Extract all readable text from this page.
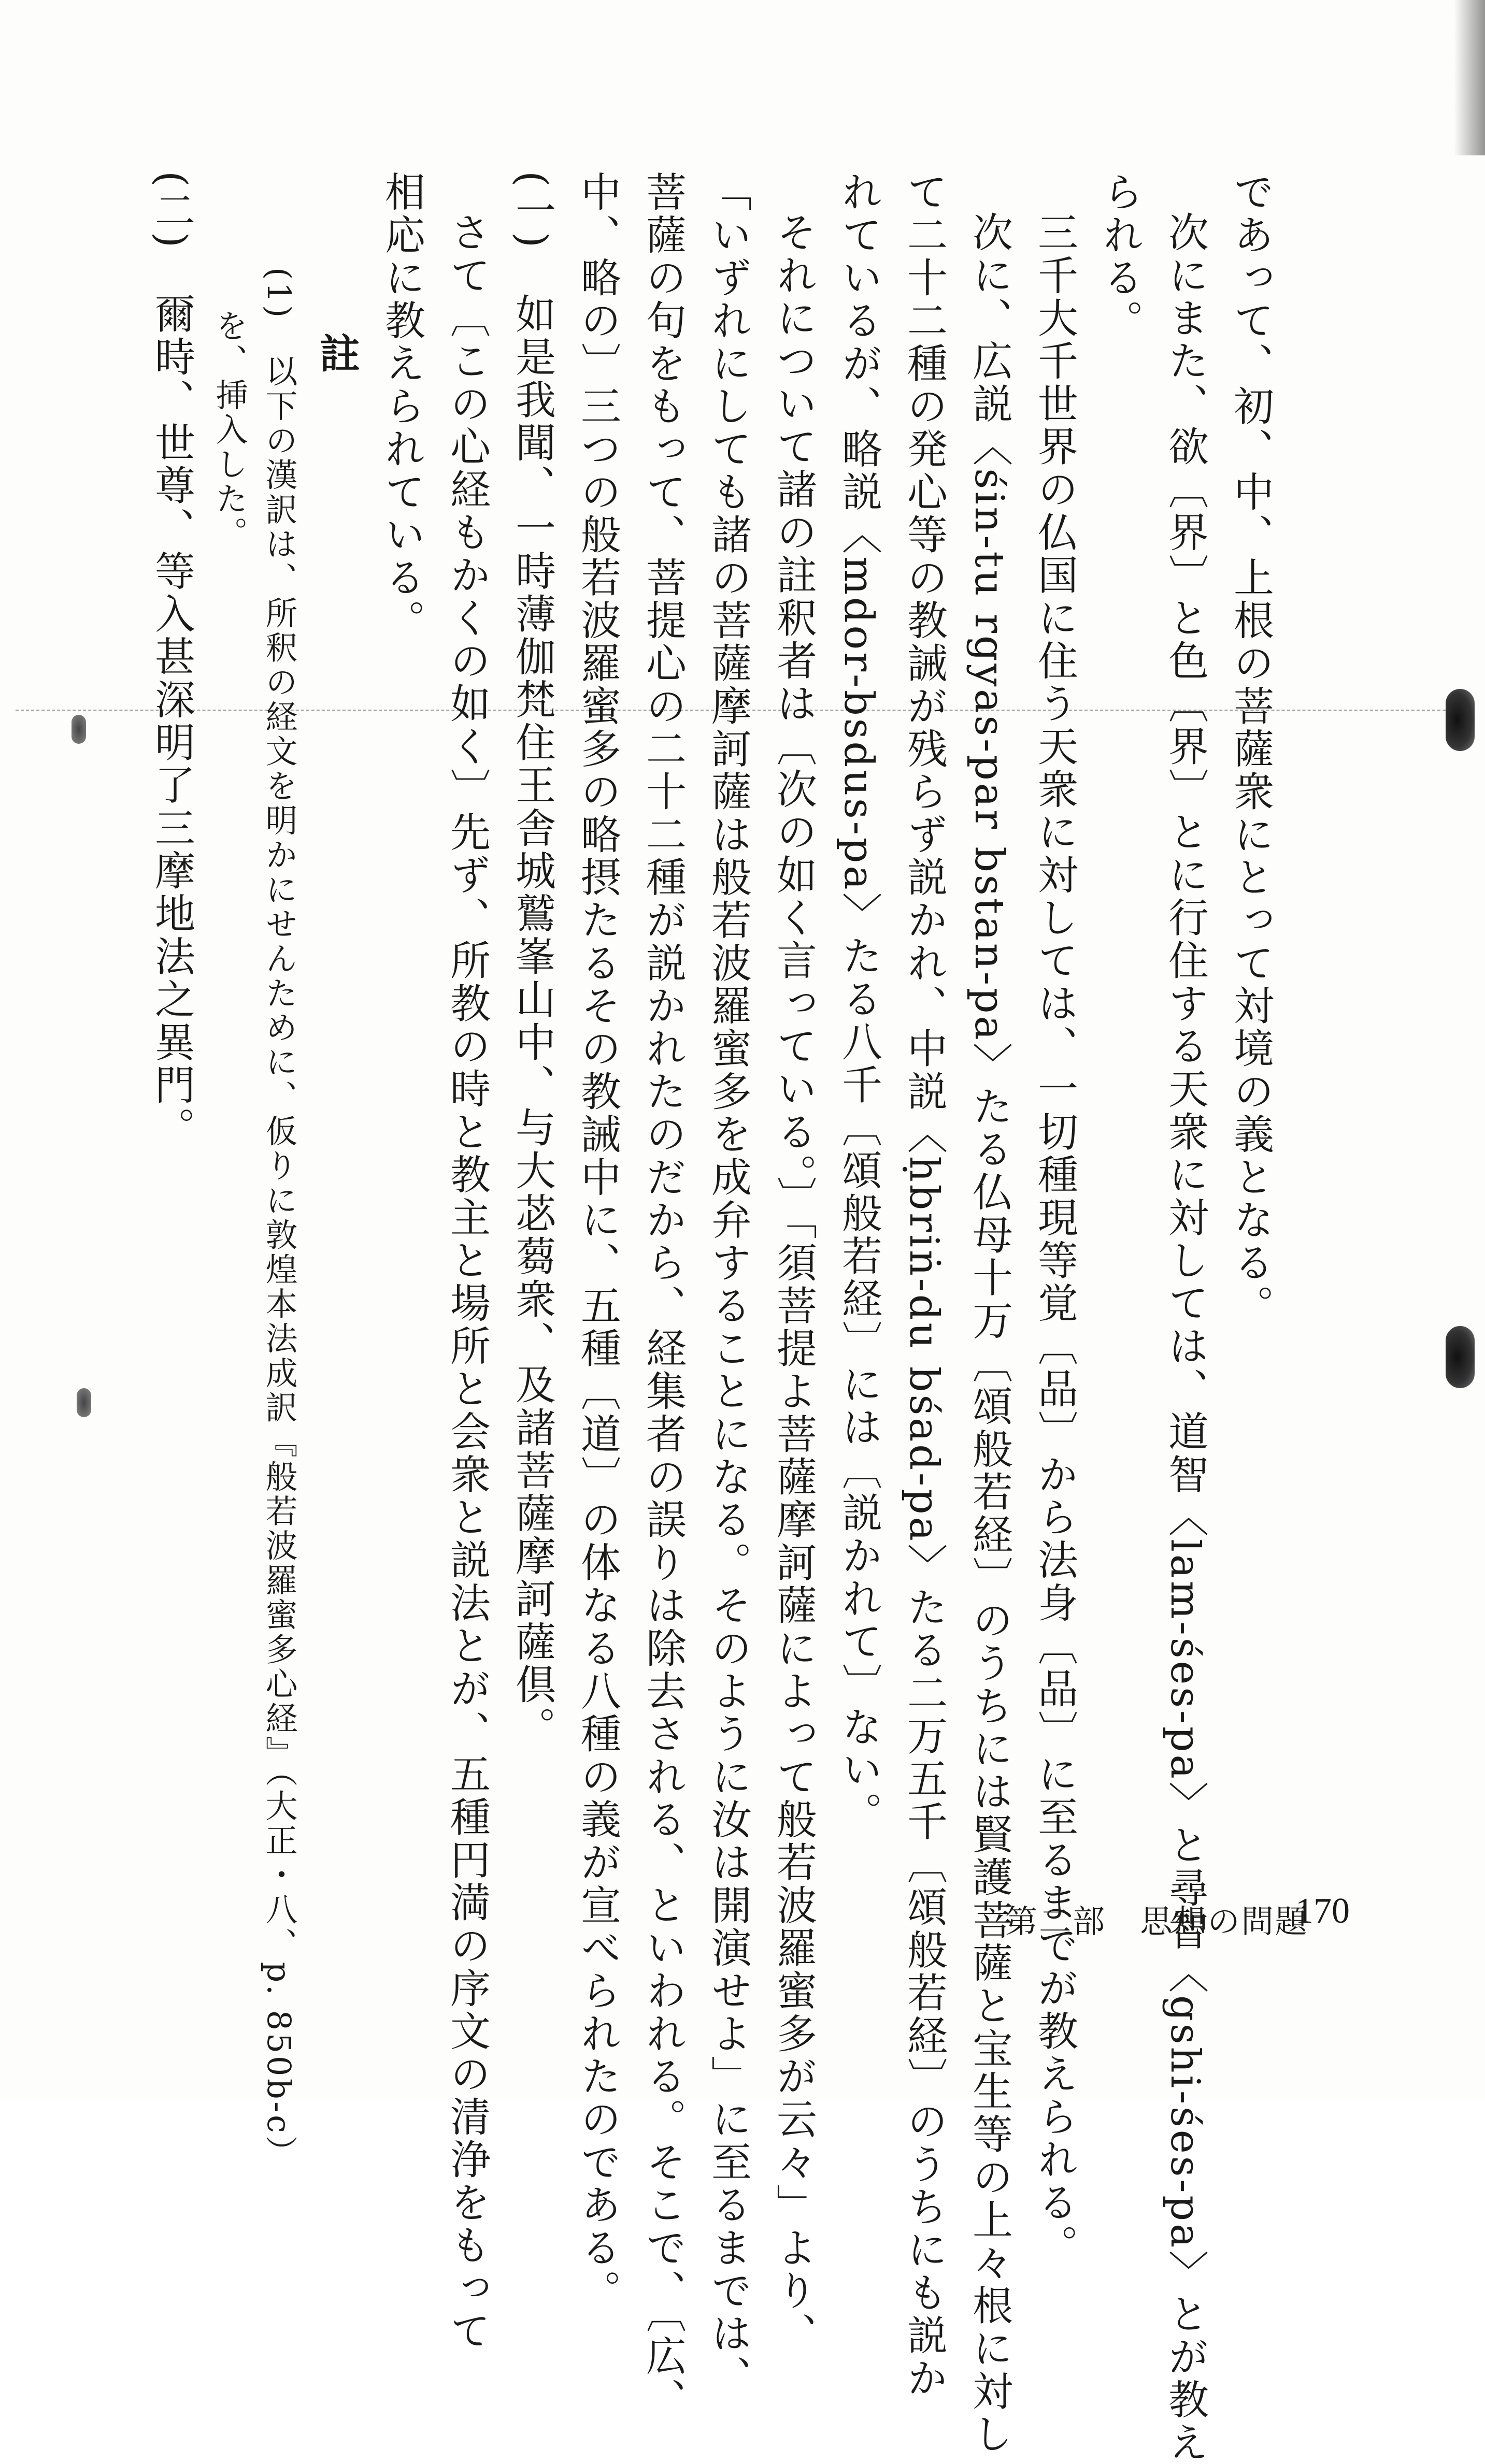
であって、初、中、上根の菩薩衆にとって対境の義となる。

次にまた、欲〔界〕と色〔界〕とに行住する天衆に対しては、道智〈lam-śes-pa〉と尋智〈gshi-śes-pa〉とが教え

られる。

三千大千世界の仏国に住う天衆に対しては、一切種現等覚〔品〕から法身〔品〕に至るまでが教えられる。

次に、広説〈śin-tu rgyas-par bstan-pa〉たる仏母十万〔頌般若経〕のうちには賢護菩薩と宝生等の上々根に対し

て二十二種の発心等の教誡が残らず説かれ、中説〈ḥbriṅ-du bśad-pa〉たる二万五千〔頌般若経〕のうちにも説か

れているが、略説〈mdor-bsdus-pa〉たる八千〔頌般若経〕には〔説かれて〕ない。

それについて諸の註釈者は〔次の如く言っている。〕「須菩提よ菩薩摩訶薩によって般若波羅蜜多が云々」より、

「いずれにしても諸の菩薩摩訶薩は般若波羅蜜多を成弁することになる。そのように汝は開演せよ」に至るまでは、

菩薩の句をもって、菩提心の二十二種が説かれたのだから、経集者の誤りは除去される、といわれる。そこで、〔広、

中、略の〕三つの般若波羅蜜多の略摂たるその教誡中に、五種〔道〕の体なる八種の義が宣べられたのである。

(一)　如是我聞、一時薄伽梵住王舎城鷲峯山中、与大苾蒭衆、及諸菩薩摩訶薩倶。

さて〔この心経もかくの如く〕先ず、所教の時と教主と場所と会衆と説法とが、五種円満の序文の清浄をもって

相応に教えられている。

註

(1)　以下の漢訳は、所釈の経文を明かにせんために、仮りに敦煌本法成訳『般若波羅蜜多心経』（大正・八、p. 850b-c）

を、挿入した。

(二)　爾時、世尊、等入甚深明了三摩地法之異門。

第二部　思想の問題
170
